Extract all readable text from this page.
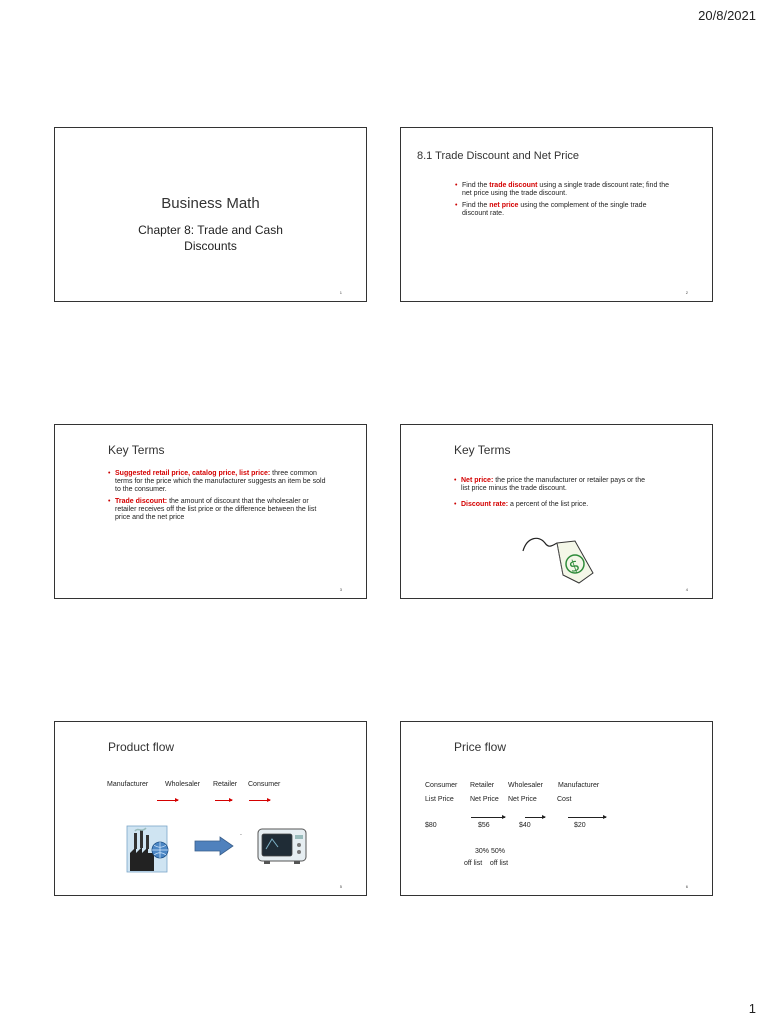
20/8/2021
Business Math
Chapter 8: Trade and Cash
Discounts
1
8.1 Trade Discount and Net Price
• Find the trade discount using a single trade discount rate; find the net price using the trade discount.
• Find the net price using the complement of the single trade discount rate.
2
Key Terms
• Suggested retail price, catalog price, list price: three common terms for the price which the manufacturer suggests an item be sold to the consumer.
• Trade discount: the amount of discount that the wholesaler or retailer receives off the list price or the difference between the list price and the net price
3
Key Terms
• Net price: the price the manufacturer or retailer pays or the list price minus the trade discount.
• Discount rate: a percent of the list price.
$
4
Product flow
Manufacturer Wholesaler Retailer Consumer
.
5
Price flow
Consumer Retailer Wholesaler Manufacturer
List Price Net Price Net Price	Cost
$80	$56	$40	$20
30% 50%
off list    off list
6
1
